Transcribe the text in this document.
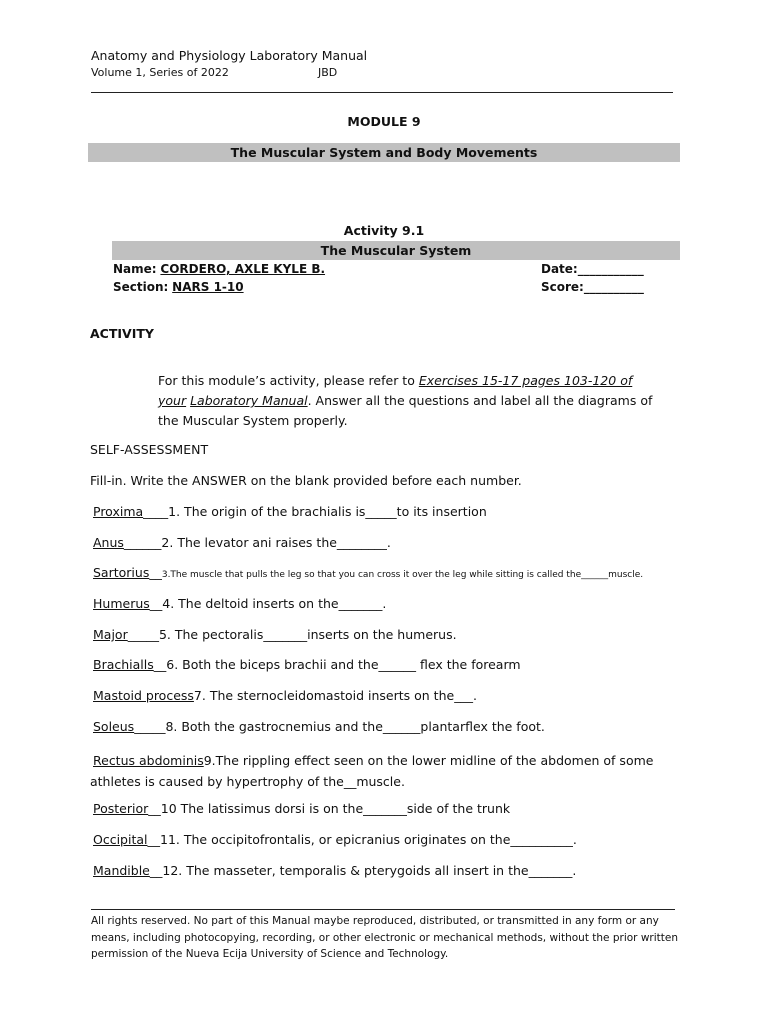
Anatomy and Physiology Laboratory Manual
Volume 1, Series of 2022	JBD
MODULE 9
The Muscular System and Body Movements
Activity 9.1
The Muscular System
Name: CORDERO, AXLE KYLE B.	Date:___________
Section: NARS 1-10	Score:__________
ACTIVITY
For this module’s activity, please refer to Exercises 15-17 pages 103-120 of
your Laboratory Manual. Answer all the questions and label all the diagrams of
the Muscular System properly.
SELF-ASSESSMENT
Fill-in. Write the ANSWER on the blank provided before each number.
Proxima____1. The origin of the brachialis is_____to its insertion
Anus______2. The levator ani raises the________.
Sartorius__3.The muscle that pulls the leg so that you can cross it over the leg while sitting is called the______muscle.
Humerus__4. The deltoid inserts on the_______.
Major_____5. The pectoralis_______inserts on the humerus.
Brachialls__6. Both the biceps brachii and the______ flex the forearm
Mastoid process7. The sternocleidomastoid inserts on the___.
Soleus_____8. Both the gastrocnemius and the______plantarflex the foot.
Rectus abdominis9.The rippling effect seen on the lower midline of the abdomen of some
athletes is caused by hypertrophy of the__muscle.
Posterior__10 The latissimus dorsi is on the_______side of the trunk
Occipital__11. The occipitofrontalis, or epicranius originates on the__________.
Mandible__12. The masseter, temporalis & pterygoids all insert in the_______.
All rights reserved. No part of this Manual maybe reproduced, distributed, or transmitted in any form or any means, including photocopying, recording, or other electronic or mechanical methods, without the prior written permission of the Nueva Ecija University of Science and Technology.
